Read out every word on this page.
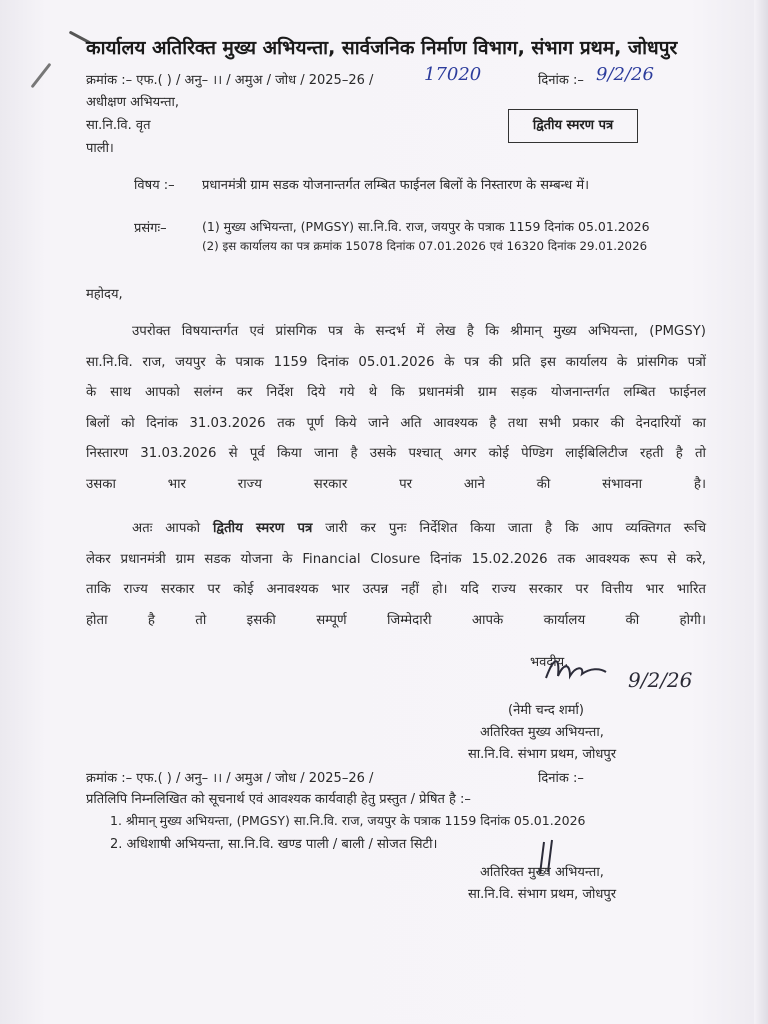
कार्यालय अतिरिक्त मुख्य अभियन्ता, सार्वजनिक निर्माण विभाग, संभाग प्रथम, जोधपुर
क्रमांक :– एफ.( ) / अनु– ।। / अमुअ / जोध / 2025–26 /	17020	दिनांक :– 9/2/26
अधीक्षण अभियन्ता,
सा.नि.वि. वृत
पाली।
द्वितीय स्मरण पत्र
विषय :– प्रधानमंत्री ग्राम सडक योजनान्तर्गत लम्बित फाईनल बिलों के निस्तारण के सम्बन्ध में।
प्रसंगः–	(1) मुख्य अभियन्ता, (PMGSY) सा.नि.वि. राज, जयपुर के पत्राक 1159 दिनांक 05.01.2026
(2) इस कार्यालय का पत्र क्रमांक 15078 दिनांक 07.01.2026 एवं 16320 दिनांक 29.01.2026
महोदय,
उपरोक्त विषयान्तर्गत एवं प्रांसगिक पत्र के सन्दर्भ में लेख है कि श्रीमान् मुख्य अभियन्ता, (PMGSY)
सा.नि.वि. राज, जयपुर के पत्राक 1159 दिनांक 05.01.2026 के पत्र की प्रति इस कार्यालय के प्रांसगिक पत्रों
के साथ आपको सलंग्न कर निर्देश दिये गये थे कि प्रधानमंत्री ग्राम सड़क योजनान्तर्गत लम्बित फाईनल
बिलों को दिनांक 31.03.2026 तक पूर्ण किये जाने अति आवश्यक है तथा सभी प्रकार की देनदारियों का
निस्तारण 31.03.2026 से पूर्व किया जाना है उसके पश्चात् अगर कोई पेण्डिग लाईबिलिटीज रहती है तो
उसका भार राज्य सरकार पर आने की संभावना है।
अतः आपको द्वितीय स्मरण पत्र जारी कर पुनः निर्देशित किया जाता है कि आप व्यक्तिगत रूचि
लेकर प्रधानमंत्री ग्राम सडक योजना के Financial Closure दिनांक 15.02.2026 तक आवश्यक रूप से करे,
ताकि राज्य सरकार पर कोई अनावश्यक भार उत्पन्न नहीं हो। यदि राज्य सरकार पर वित्तीय भार भारित
होता है तो इसकी सम्पूर्ण जिम्मेदारी आपके कार्यालय की होगी।
भवदीय,
9/2/26
(नेमी चन्द शर्मा)
अतिरिक्त मुख्य अभियन्ता,
सा.नि.वि. संभाग प्रथम, जोधपुर
क्रमांक :– एफ.( ) / अनु– ।। / अमुअ / जोध / 2025–26 /	दिनांक :–
प्रतिलिपि निम्नलिखित को सूचनार्थ एवं आवश्यक कार्यवाही हेतु प्रस्तुत / प्रेषित है :–
1. श्रीमान् मुख्य अभियन्ता, (PMGSY) सा.नि.वि. राज, जयपुर के पत्राक 1159 दिनांक 05.01.2026
2. अधिशाषी अभियन्ता, सा.नि.वि. खण्ड पाली / बाली / सोजत सिटी।
अतिरिक्त मुख्य अभियन्ता,
सा.नि.वि. संभाग प्रथम, जोधपुर
